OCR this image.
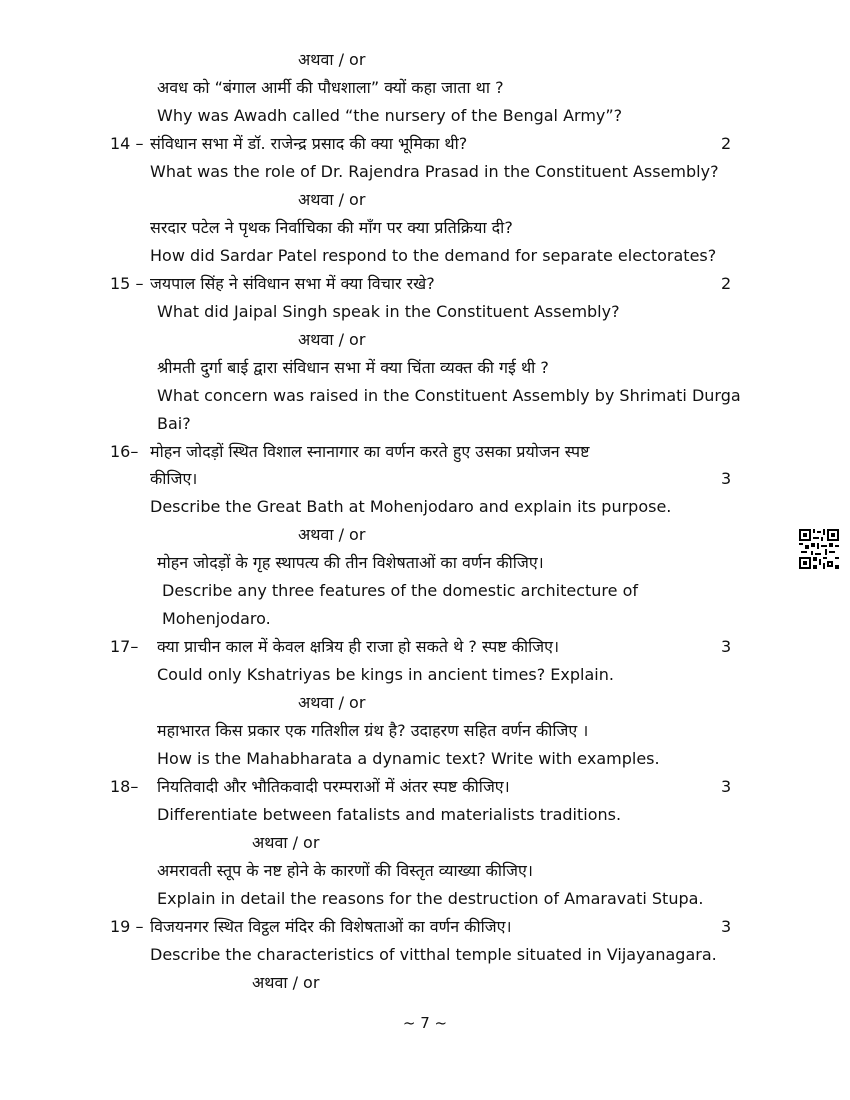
अथवा / or
अवध को “बंगाल आर्मी की पौधशाला” क्यों कहा जाता था ?
Why was Awadh called “the nursery of the Bengal Army”?
14 – संविधान सभा में डॉ. राजेन्द्र प्रसाद की क्या भूमिका थी?	2
What was the role of Dr. Rajendra Prasad in the Constituent Assembly?
अथवा / or
सरदार पटेल ने पृथक निर्वाचिका की माँग पर क्या प्रतिक्रिया दी?
How did Sardar Patel respond to the demand for separate electorates?
15 – जयपाल सिंह ने संविधान सभा में क्या विचार रखे?	2
What did Jaipal Singh speak in the Constituent Assembly?
अथवा / or
श्रीमती दुर्गा बाई द्वारा संविधान सभा में क्या चिंता व्यक्त की गई थी ?
What concern was raised in the Constituent Assembly by Shrimati Durga
Bai?
16– मोहन जोदड़ों स्थित विशाल स्नानागार का वर्णन करते हुए उसका प्रयोजन स्पष्ट
कीजिए।	3
Describe the Great Bath at Mohenjodaro and explain its purpose.
अथवा / or
मोहन जोदड़ों के गृह स्थापत्य की तीन विशेषताओं का वर्णन कीजिए।
Describe any three features of the domestic architecture of
Mohenjodaro.
17– क्या प्राचीन काल में केवल क्षत्रिय ही राजा हो सकते थे ? स्पष्ट कीजिए।	3
Could only Kshatriyas be kings in ancient times? Explain.
अथवा / or
महाभारत किस प्रकार एक गतिशील ग्रंथ है? उदाहरण सहित वर्णन कीजिए ।
How is the Mahabharata a dynamic text? Write with examples.
18– नियतिवादी और भौतिकवादी परम्पराओं में अंतर स्पष्ट कीजिए।	3
Differentiate between fatalists and materialists traditions.
अथवा / or
अमरावती स्तूप के नष्ट होने के कारणों की विस्तृत व्याख्या कीजिए।
Explain in detail the reasons for the destruction of Amaravati Stupa.
19 – विजयनगर स्थित विट्ठल मंदिर की विशेषताओं का वर्णन कीजिए।	3
Describe the characteristics of vitthal temple situated in Vijayanagara.
अथवा / or
~ 7 ~
